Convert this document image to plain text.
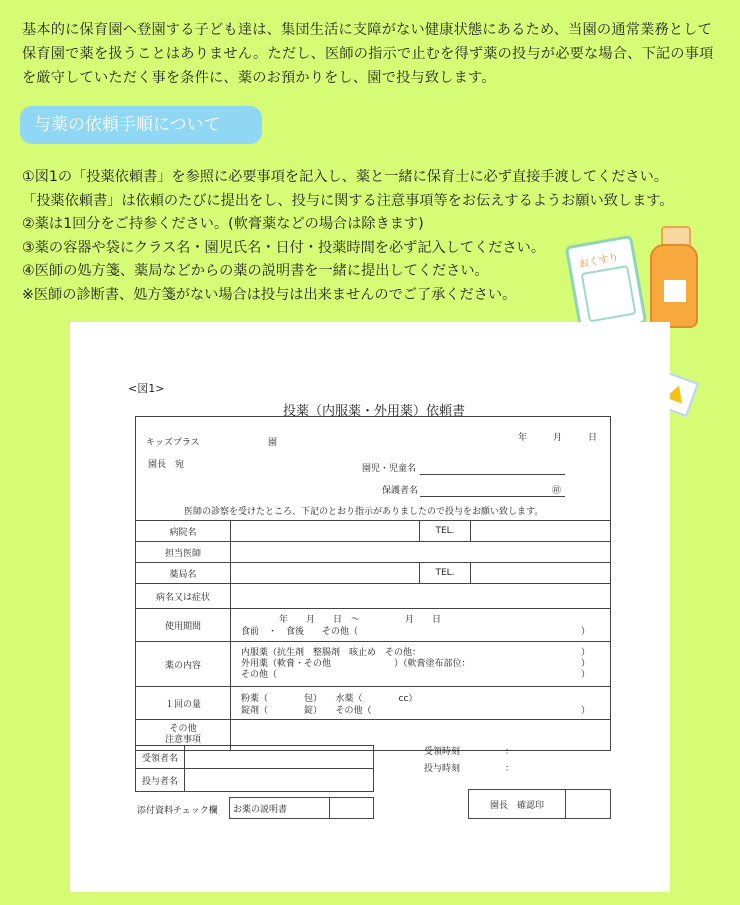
基本的に保育園へ登園する子ども達は、集団生活に支障がない健康状態にあるため、当園の通常業務として保育園で薬を扱うことはありません。ただし、医師の指示で止むを得ず薬の投与が必要な場合、下記の事項を厳守していただく事を条件に、薬のお預かりをし、園で投与致します。
与薬の依頼手順について
①図1の「投薬依頼書」を参照に必要事項を記入し、薬と一緒に保育士に必ず直接手渡してください。
「投薬依頼書」は依頼のたびに提出をし、投与に関する注意事項等をお伝えするようお願い致します。
②薬は1回分をご持参ください。(軟膏薬などの場合は除きます)
③薬の容器や袋にクラス名・園児氏名・日付・投薬時間を必ず記入してください。
④医師の処方箋、薬局などからの薬の説明書を一緒に提出してください。
※医師の診断書、処方箋がない場合は投与は出来ませんのでご了承ください。
おくすり
<図1>
投薬（内服薬・外用薬）依頼書
キッズプラス	園	年	月	日
園長　宛	園児・児童名
保護者名	㊞
医師の診察を受けたところ、下記のとおり指示がありましたので投与をお願い致します。
病院名	TEL.
担当医師
薬局名	TEL.
病名又は症状
使用期間
年　　月　　日　～　　　　　月　　日
食前　・　食後　　その他（	）
薬の内容
内服薬（抗生剤　整腸剤　咳止め　その他：	）
外用薬（軟膏・その他　　　　　　　）（軟膏塗布部位：	）
その他（	）
１回の量
粉薬（　　　　包）　　水薬（　　　　cc）
錠剤（　　　　錠）　　その他（	）
その他
注意事項
受領者名
投与者名
受領時刻　　　　　：
投与時刻　　　　　：
添付資料チェック欄	お薬の説明書	園長　確認印
